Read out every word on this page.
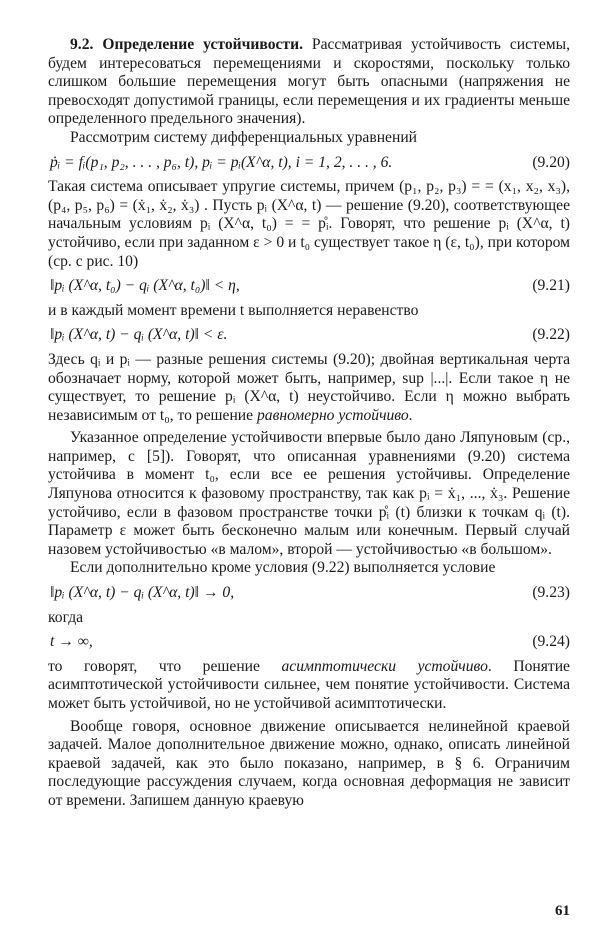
9.2. Определение устойчивости. Рассматривая устойчивость системы, будем интересоваться перемещениями и скоростями, поскольку только слишком большие перемещения могут быть опасными (напряжения не превосходят допустимой границы, если перемещения и их градиенты меньше определенного предельного значения).

Рассмотрим систему дифференциальных уравнений

ṗᵢ = fᵢ(p₁, p₂, . . . , p₆, t), pᵢ = pᵢ(X^α, t), i = 1, 2, . . . , 6.	(9.20)

Такая система описывает упругие системы, причем (p₁, p₂, p₃) = = (x₁, x₂, x₃), (p₄, p₅, p₆) = (ẋ₁, ẋ₂, ẋ₃) . Пусть pᵢ (X^α, t) — решение (9.20), соответствующее начальным условиям pᵢ (X^α, t₀) = = p̊ᵢ. Говорят, что решение pᵢ (X^α, t) устойчиво, если при заданном ε > 0 и t₀ существует такое η (ε, t₀), при котором (ср. с рис. 10)

‖pᵢ (X^α, t₀) − qᵢ (X^α, t₀)‖ < η,	(9.21)

и в каждый момент времени t выполняется неравенство

‖pᵢ (X^α, t) − qᵢ (X^α, t)‖ < ε.	(9.22)

Здесь qᵢ и pᵢ — разные решения системы (9.20); двойная вертикальная черта обозначает норму, которой может быть, например, sup |...|. Если такое η не существует, то решение pᵢ (X^α, t) неустойчиво. Если η можно выбрать независимым от t₀, то решение равномерно устойчиво.

Указанное определение устойчивости впервые было дано Ляпуновым (ср., например, с [5]). Говорят, что описанная уравнениями (9.20) система устойчива в момент t₀, если все ее решения устойчивы. Определение Ляпунова относится к фазовому пространству, так как pᵢ = ẋ₁, ..., ẋ₃. Решение устойчиво, если в фазовом пространстве точки p̊ᵢ (t) близки к точкам qᵢ (t). Параметр ε может быть бесконечно малым или конечным. Первый случай назовем устойчивостью «в малом», второй — устойчивостью «в большом».

Если дополнительно кроме условия (9.22) выполняется условие

‖pᵢ (X^α, t) − qᵢ (X^α, t)‖ → 0,	(9.23)

когда

t → ∞,	(9.24)

то говорят, что решение асимптотически устойчиво. Понятие асимптотической устойчивости сильнее, чем понятие устойчивости. Система может быть устойчивой, но не устойчивой асимптотически.

Вообще говоря, основное движение описывается нелинейной краевой задачей. Малое дополнительное движение можно, однако, описать линейной краевой задачей, как это было показано, например, в § 6. Ограничим последующие рассуждения случаем, когда основная деформация не зависит от времени. Запишем данную краевую

61
